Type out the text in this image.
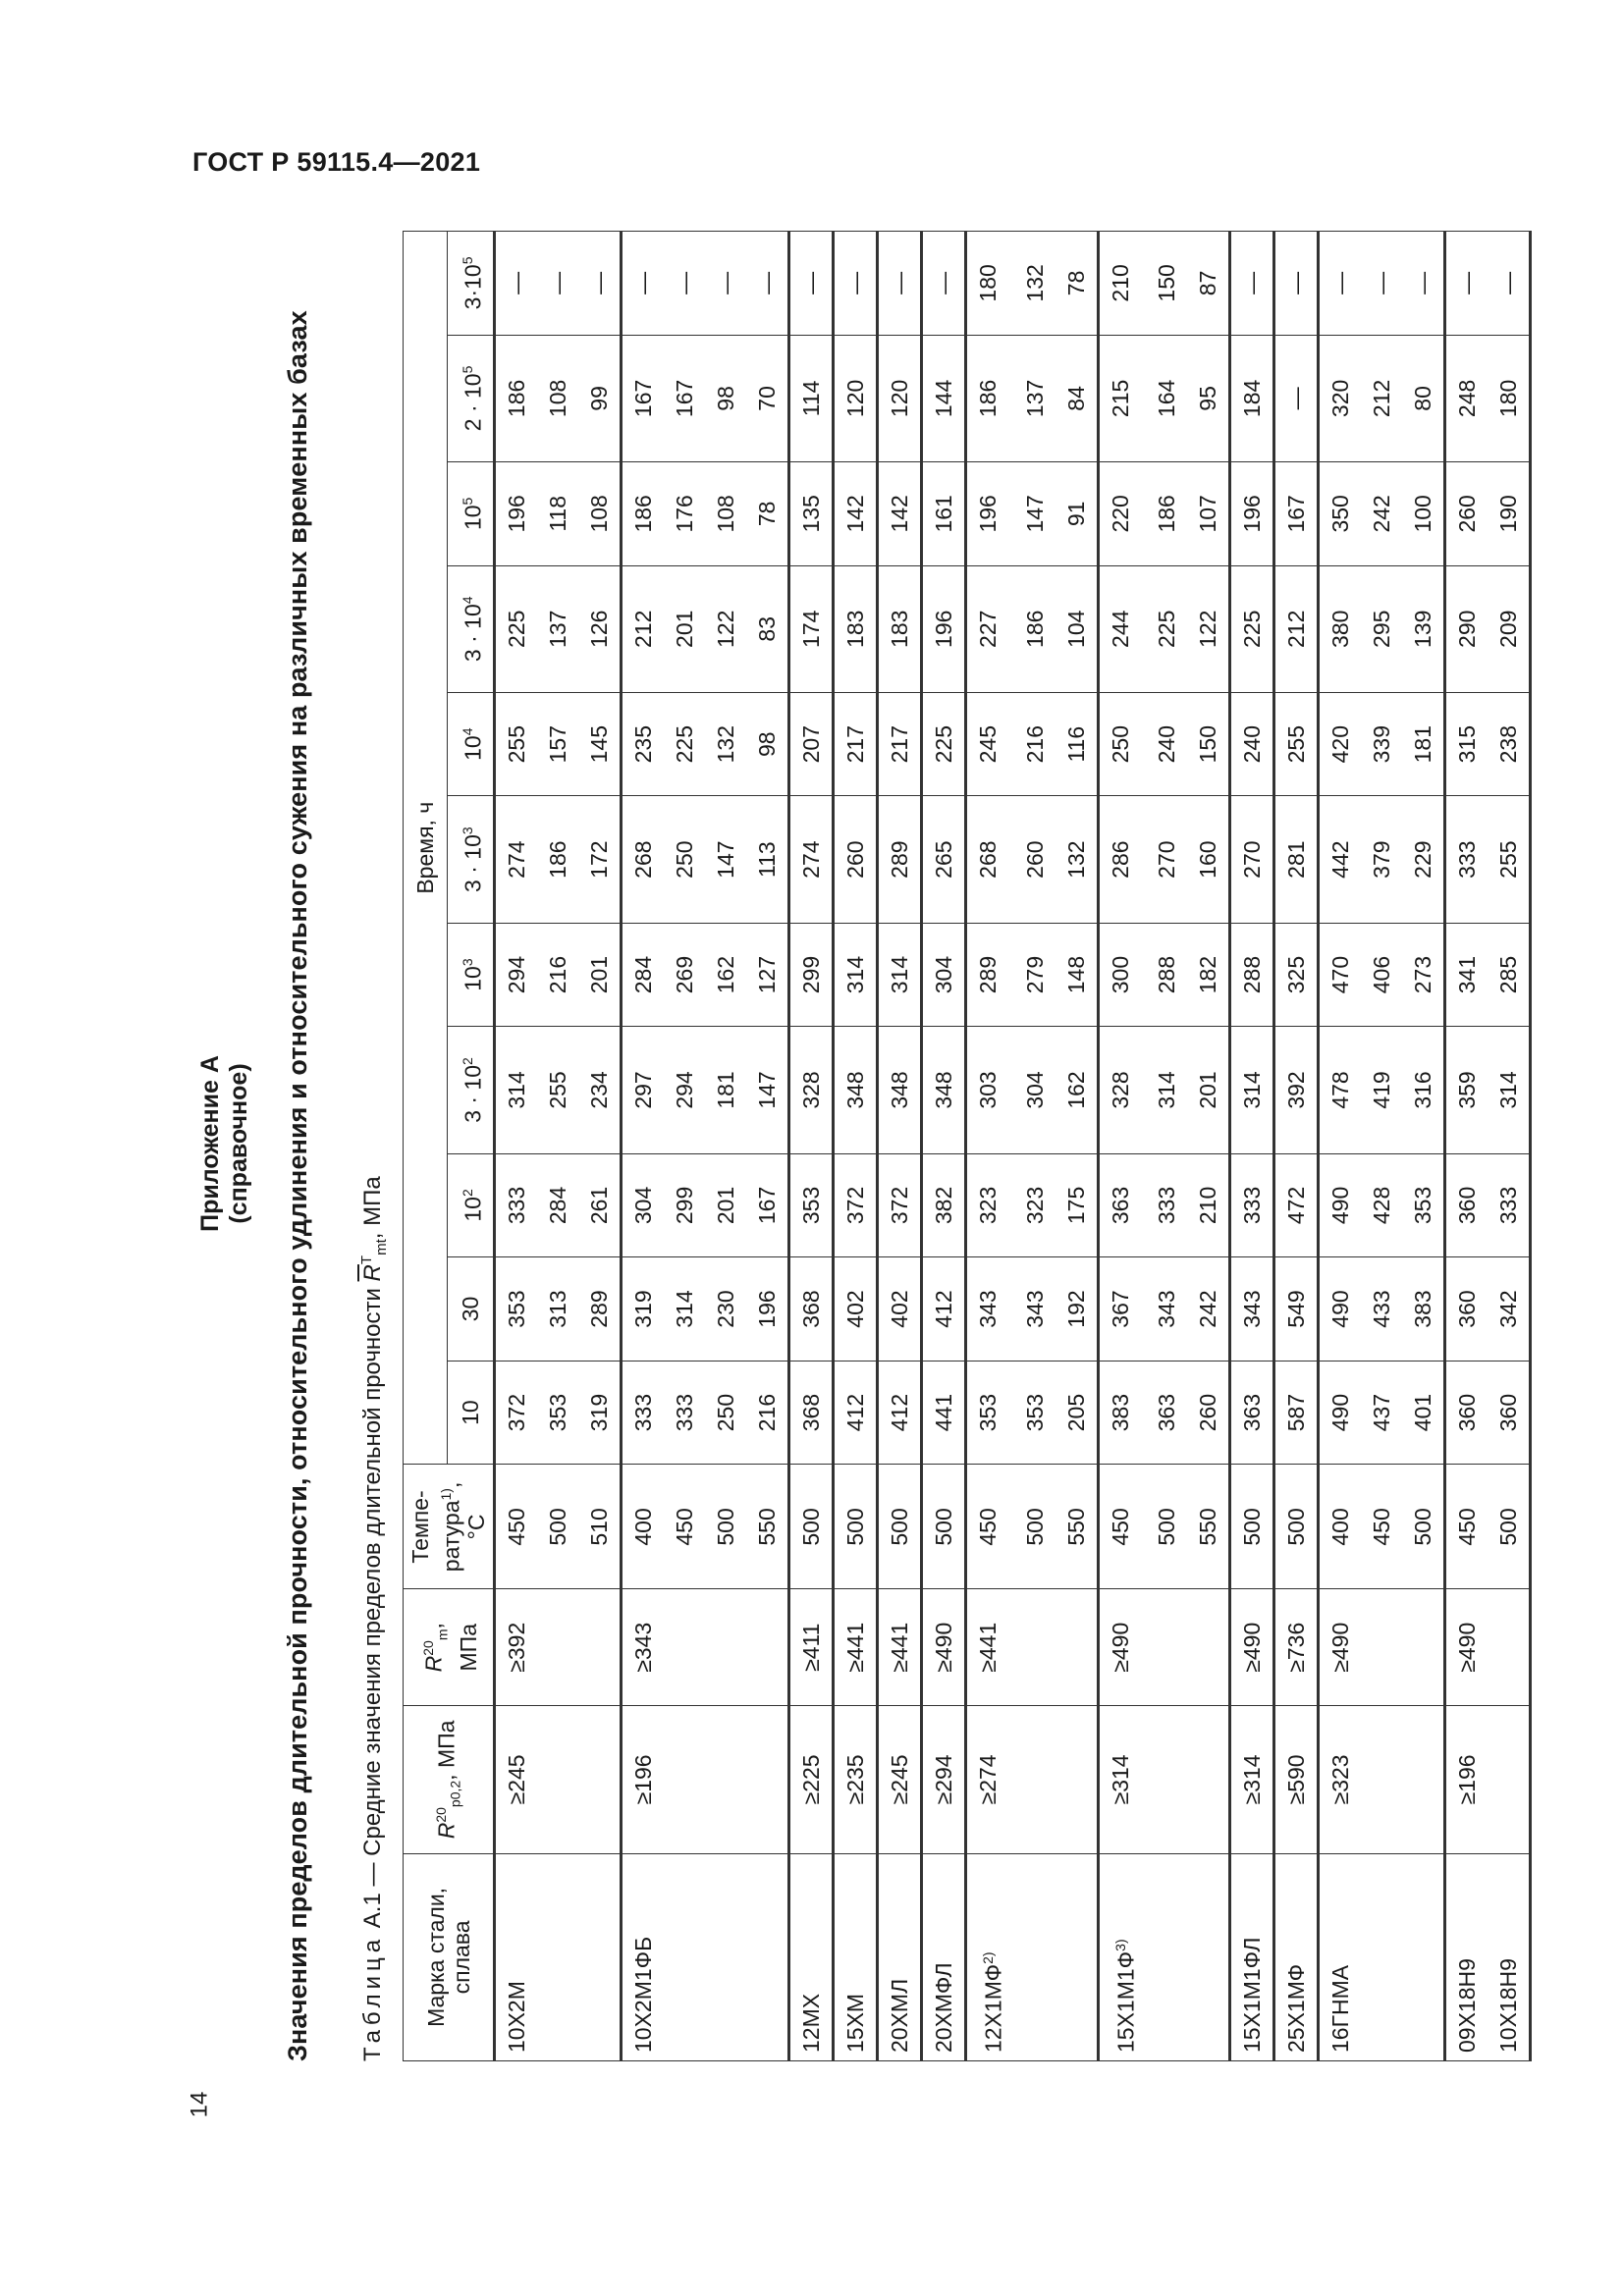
ГОСТ Р 59115.4—2021
14
Приложение А (справочное) Значения пределов длительной прочности, относительного удлинения и относительного сужения на различных временных базах Таблица А.1 — Средние значения пределов длительной прочности $\overline{R}^T_{mt}$, МПа
Марка стали, сплава	$R^{20}_{p0,2}$, МПа	$R^{20}_m$, МПа	Темпе- ратура$^{1)}$, °С	Время, ч										
				10	30	$10^2$	$3 \cdot 10^2$	$10^3$	$3 \cdot 10^3$	$10^4$	$3 \cdot 10^4$	$10^5$	$2 \cdot 10^5$	$3\cdot 10^5$
10Х2М	≥245	≥392	450	372	353	333	314	294	274	255	225	196	186	—
			500	353	313	284	255	216	186	157	137	118	108	—
			510	319	289	261	234	201	172	145	126	108	99	—
10Х2М1ФБ	≥196	≥343	400	333	319	304	297	284	268	235	212	186	167	—
			450	333	314	299	294	269	250	225	201	176	167	—
			500	250	230	201	181	162	147	132	122	108	98	—
			550	216	196	167	147	127	113	98	83	78	70	—
12МХ	≥225	≥411	500	368	368	353	328	299	274	207	174	135	114	—
15ХМ	≥235	≥441	500	412	402	372	348	314	260	217	183	142	120	—
20ХМЛ	≥245	≥441	500	412	402	372	348	314	289	217	183	142	120	—
20ХМФЛ	≥294	≥490	500	441	412	382	348	304	265	225	196	161	144	—
$12Х1МФ^{2)}$	≥274	≥441	450	353	343	323	303	289	268	245	227	196	186	180
			500	353	343	323	304	279	260	216	186	147	137	132
			550	205	192	175	162	148	132	116	104	91	84	78
$15Х1М1Ф^{3)}$	≥314	≥490	450	383	367	363	328	300	286	250	244	220	215	210
			500	363	343	333	314	288	270	240	225	186	164	150
			550	260	242	210	201	182	160	150	122	107	95	87
15Х1М1ФЛ	≥314	≥490	500	363	343	333	314	288	270	240	225	196	184	—
25Х1МФ	≥590	≥736	500	587	549	472	392	325	281	255	212	167	—	—
16ГНМА	≥323	≥490	400	490	490	490	478	470	442	420	380	350	320	—
			450	437	433	428	419	406	379	339	295	242	212	—
			500	401	383	353	316	273	229	181	139	100	80	—
09Х18Н9	≥196	≥490	450	360	360	360	359	341	333	315	290	260	248	—
10Х18Н9			500	360	342	333	314	285	255	238	209	190	180	—
